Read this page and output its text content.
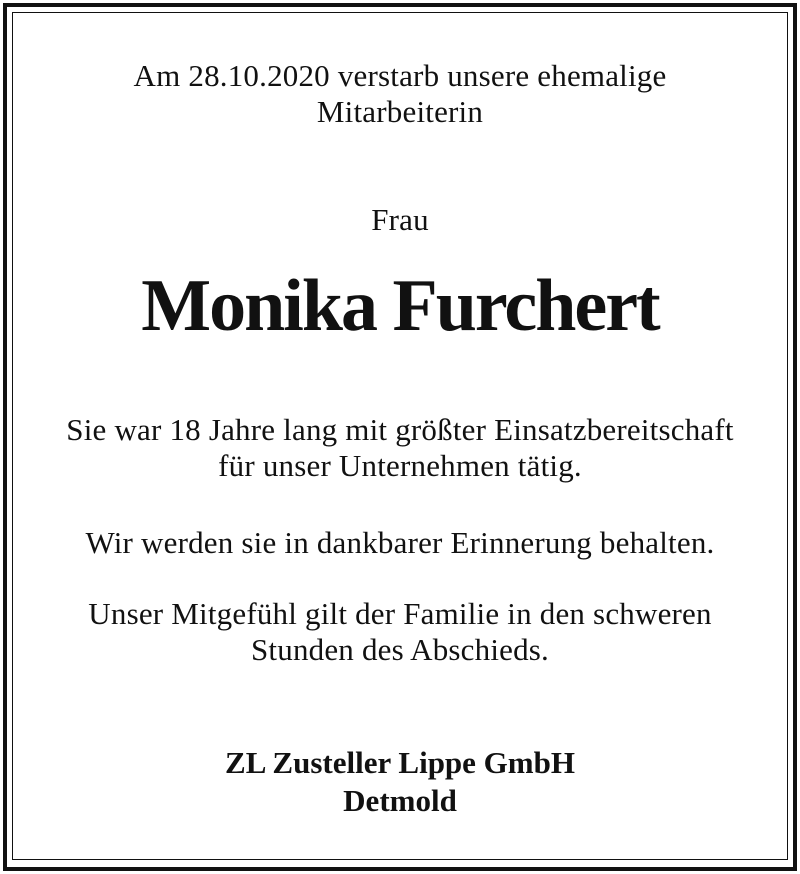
Am 28.10.2020 verstarb unsere ehemalige
Mitarbeiterin
Frau
Monika Furchert
Sie war 18 Jahre lang mit größter Einsatzbereitschaft
für unser Unternehmen tätig.
Wir werden sie in dankbarer Erinnerung behalten.
Unser Mitgefühl gilt der Familie in den schweren
Stunden des Abschieds.
ZL Zusteller Lippe GmbH
Detmold
